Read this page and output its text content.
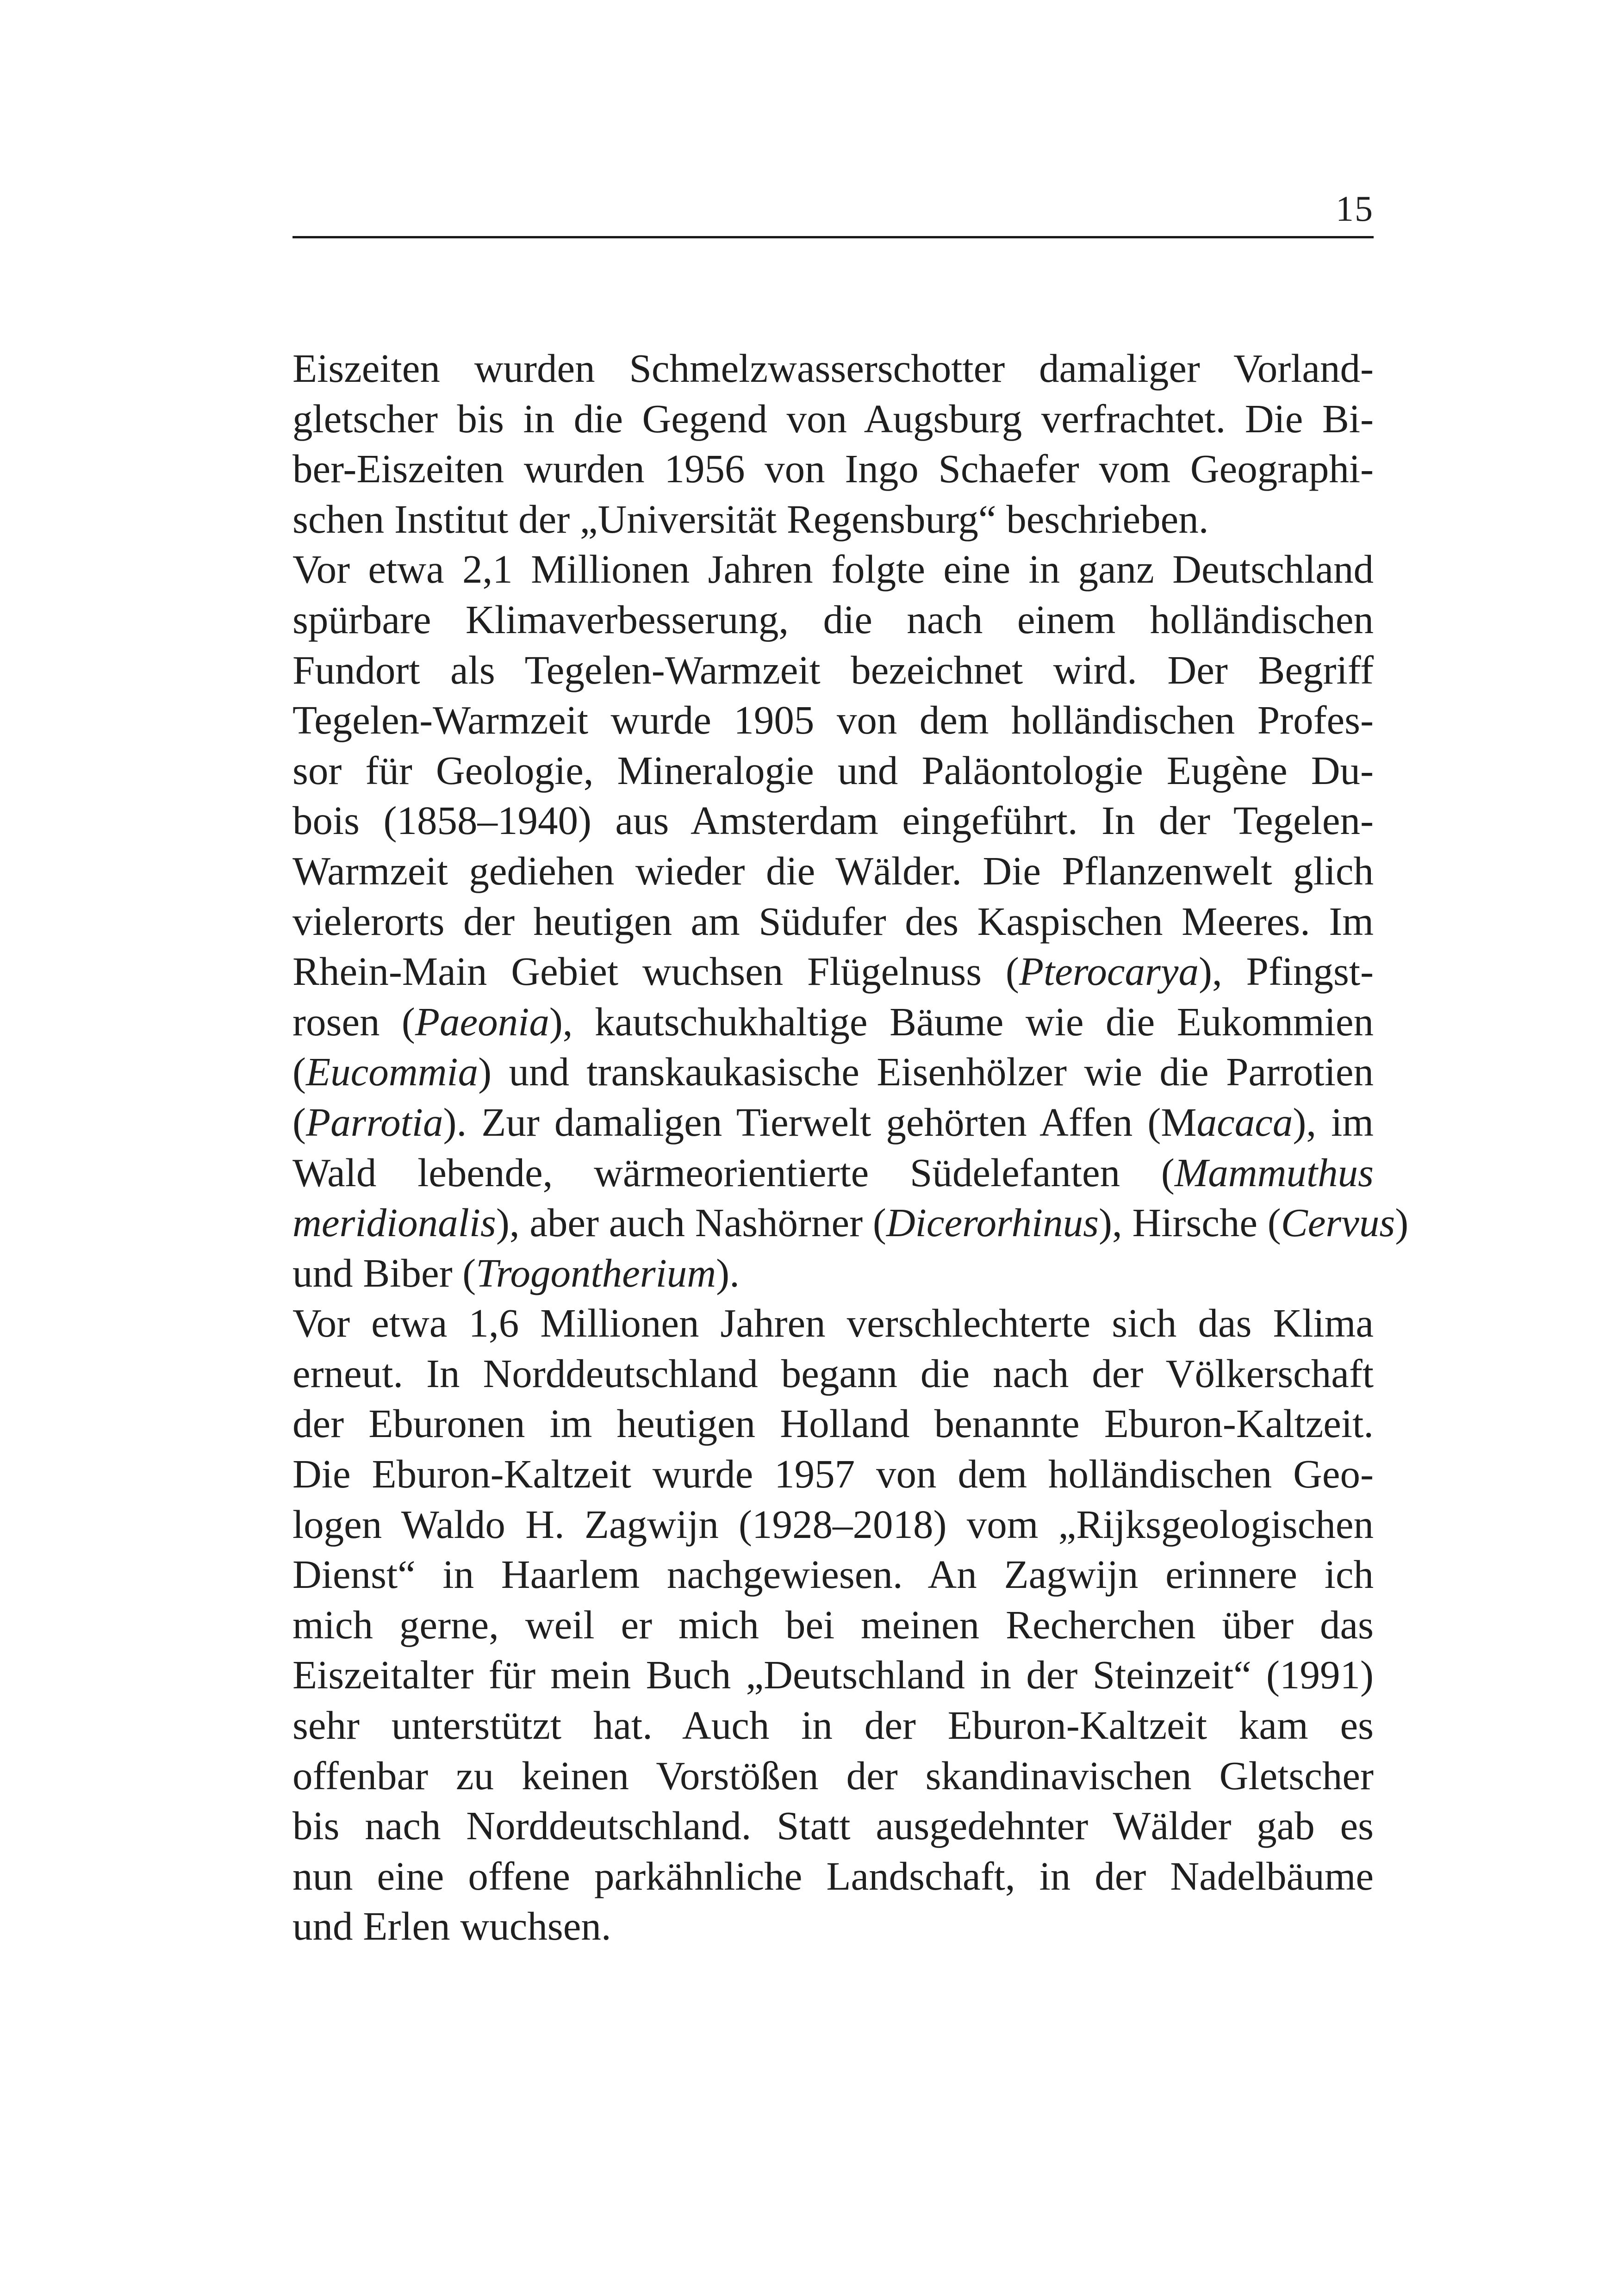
15
Eiszeiten wurden Schmelzwasserschotter damaliger Vorland-
gletscher bis in die Gegend von Augsburg verfrachtet. Die Bi-
ber-Eiszeiten wurden 1956 von Ingo Schaefer vom Geographi-
schen Institut der „Universität Regensburg“ beschrieben.
Vor etwa 2,1 Millionen Jahren folgte eine in ganz Deutschland
spürbare Klimaverbesserung, die nach einem holländischen
Fundort als Tegelen-Warmzeit bezeichnet wird. Der Begriff
Tegelen-Warmzeit wurde 1905 von dem holländischen Profes-
sor für Geologie, Mineralogie und Paläontologie Eugène Du-
bois (1858–1940) aus Amsterdam eingeführt. In der Tegelen-
Warmzeit gediehen wieder die Wälder. Die Pflanzenwelt glich
vielerorts der heutigen am Südufer des Kaspischen Meeres. Im
Rhein-Main Gebiet wuchsen Flügelnuss (Pterocarya), Pfingst-
rosen (Paeonia), kautschukhaltige Bäume wie die Eukommien
(Eucommia) und transkaukasische Eisenhölzer wie die Parrotien
(Parrotia). Zur damaligen Tierwelt gehörten Affen (Macaca), im
Wald lebende, wärmeorientierte Südelefanten (Mammuthus
meridionalis), aber auch Nashörner (Dicerorhinus), Hirsche (Cervus)
und Biber (Trogontherium).
Vor etwa 1,6 Millionen Jahren verschlechterte sich das Klima
erneut. In Norddeutschland begann die nach der Völkerschaft
der Eburonen im heutigen Holland benannte Eburon-Kaltzeit.
Die Eburon-Kaltzeit wurde 1957 von dem holländischen Geo-
logen Waldo H. Zagwijn (1928–2018) vom „Rijksgeologischen
Dienst“ in Haarlem nachgewiesen. An Zagwijn erinnere ich
mich gerne, weil er mich bei meinen Recherchen über das
Eiszeitalter für mein Buch „Deutschland in der Steinzeit“ (1991)
sehr unterstützt hat. Auch in der Eburon-Kaltzeit kam es
offenbar zu keinen Vorstößen der skandinavischen Gletscher
bis nach Norddeutschland. Statt ausgedehnter Wälder gab es
nun eine offene parkähnliche Landschaft, in der Nadelbäume
und Erlen wuchsen.
